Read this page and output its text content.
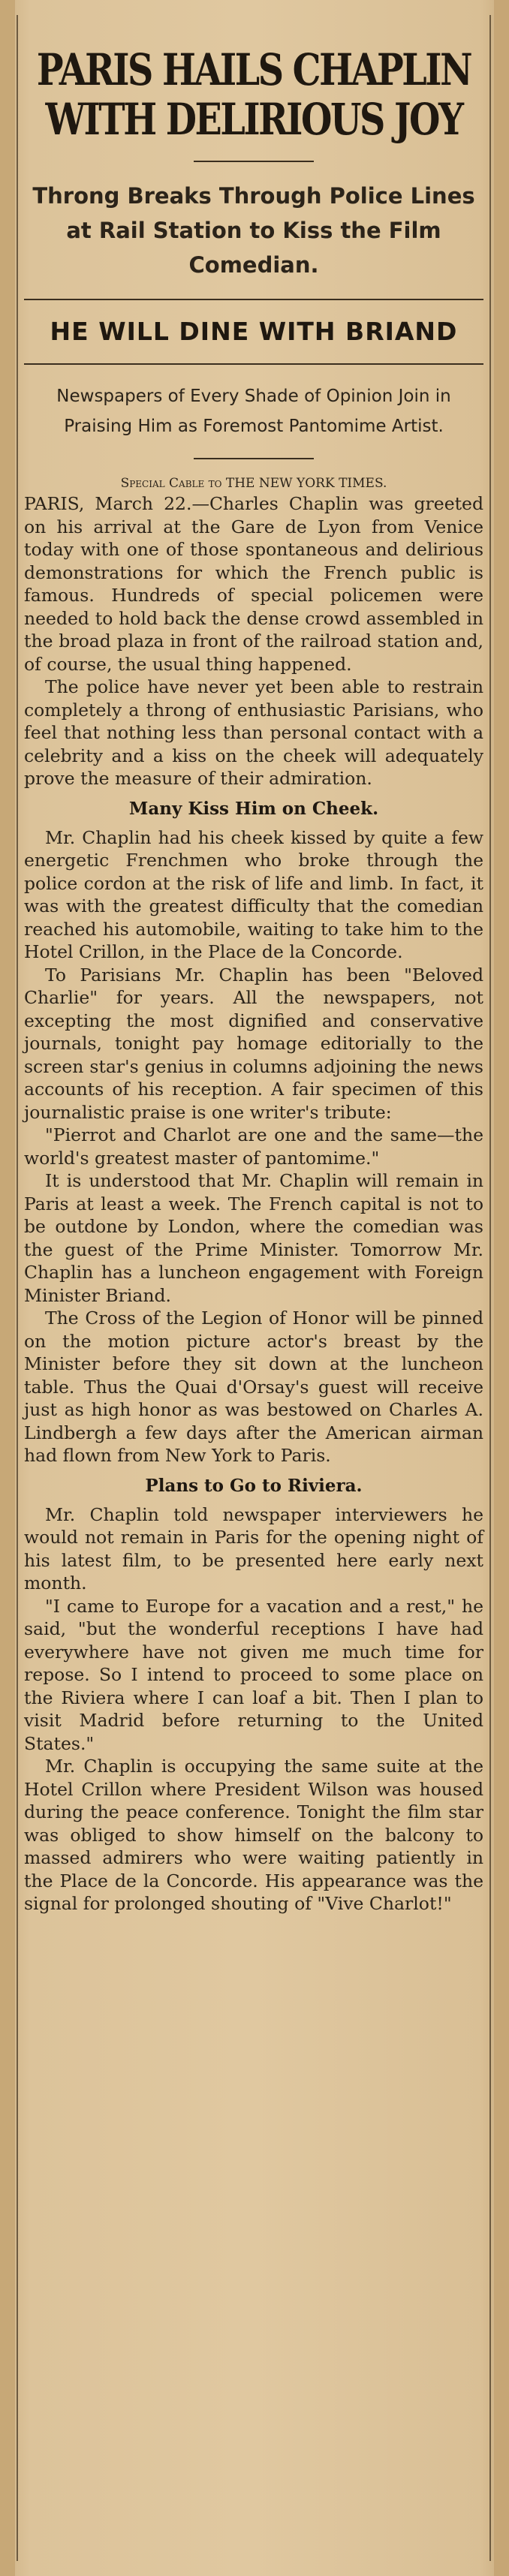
PARIS HAILS CHAPLIN WITH DELIRIOUS JOY
Throng Breaks Through Police Lines at Rail Station to Kiss the Film Comedian.
HE WILL DINE WITH BRIAND
Newspapers of Every Shade of Opinion Join in Praising Him as Foremost Pantomime Artist.
Special Cable to THE NEW YORK TIMES.

PARIS, March 22.—Charles Chaplin was greeted on his arrival at the Gare de Lyon from Venice today with one of those spontaneous and delirious demonstrations for which the French public is famous. Hundreds of special policemen were needed to hold back the dense crowd assembled in the broad plaza in front of the railroad station and, of course, the usual thing happened.

The police have never yet been able to restrain completely a throng of enthusiastic Parisians, who feel that nothing less than personal contact with a celebrity and a kiss on the cheek will adequately prove the measure of their admiration.

Many Kiss Him on Cheek.

Mr. Chaplin had his cheek kissed by quite a few energetic Frenchmen who broke through the police cordon at the risk of life and limb. In fact, it was with the greatest difficulty that the comedian reached his automobile, waiting to take him to the Hotel Crillon, in the Place de la Concorde.

To Parisians Mr. Chaplin has been "Beloved Charlie" for years. All the newspapers, not excepting the most dignified and conservative journals, tonight pay homage editorially to the screen star's genius in columns adjoining the news accounts of his reception. A fair specimen of this journalistic praise is one writer's tribute:

"Pierrot and Charlot are one and the same—the world's greatest master of pantomime."

It is understood that Mr. Chaplin will remain in Paris at least a week. The French capital is not to be outdone by London, where the comedian was the guest of the Prime Minister. Tomorrow Mr. Chaplin has a luncheon engagement with Foreign Minister Briand.

The Cross of the Legion of Honor will be pinned on the motion picture actor's breast by the Minister before they sit down at the luncheon table. Thus the Quai d'Orsay's guest will receive just as high honor as was bestowed on Charles A. Lindbergh a few days after the American airman had flown from New York to Paris.

Plans to Go to Riviera.

Mr. Chaplin told newspaper interviewers he would not remain in Paris for the opening night of his latest film, to be presented here early next month.

"I came to Europe for a vacation and a rest," he said, "but the wonderful receptions I have had everywhere have not given me much time for repose. So I intend to proceed to some place on the Riviera where I can loaf a bit. Then I plan to visit Madrid before returning to the United States."

Mr. Chaplin is occupying the same suite at the Hotel Crillon where President Wilson was housed during the peace conference. Tonight the film star was obliged to show himself on the balcony to massed admirers who were waiting patiently in the Place de la Concorde. His appearance was the signal for prolonged shouting of "Vive Charlot!"
